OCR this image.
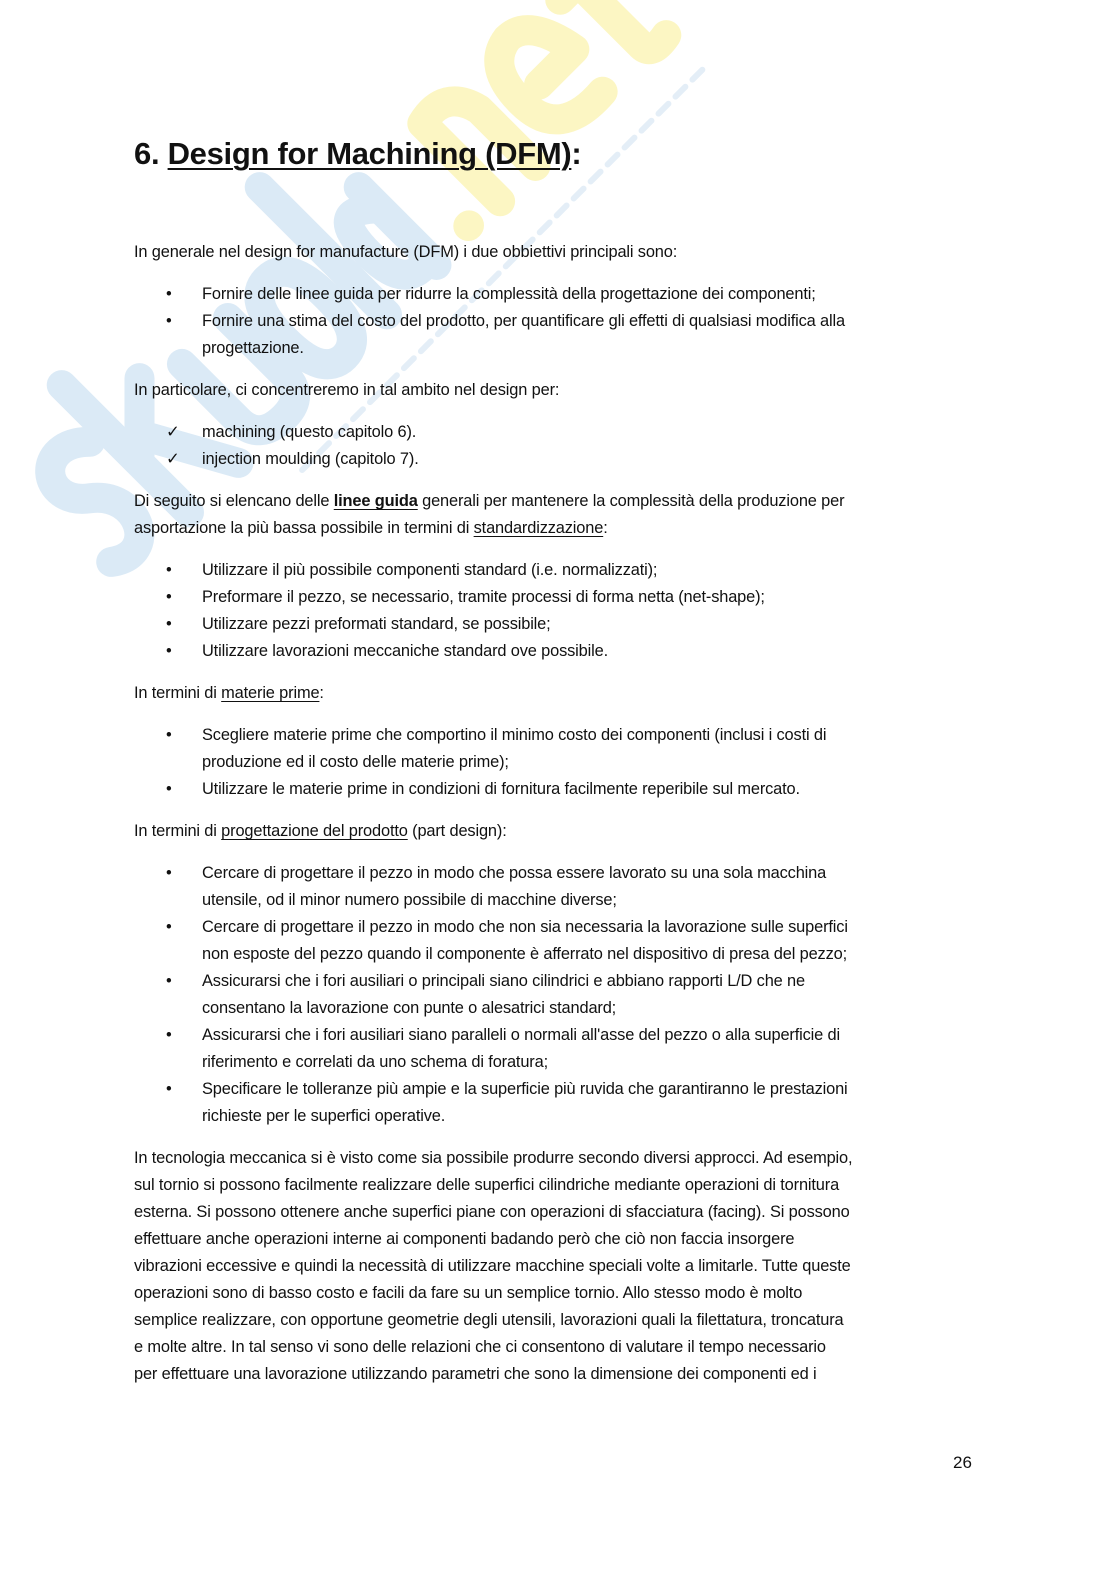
6. Design for Machining (DFM):
In generale nel design for manufacture (DFM) i due obbiettivi principali sono:
• Fornire delle linee guida per ridurre la complessità della progettazione dei componenti;
• Fornire una stima del costo del prodotto, per quantificare gli effetti di qualsiasi modifica alla
progettazione.
In particolare, ci concentreremo in tal ambito nel design per:
✓ machining (questo capitolo 6).
✓ injection moulding (capitolo 7).
Di seguito si elencano delle linee guida generali per mantenere la complessità della produzione per
asportazione la più bassa possibile in termini di standardizzazione:
• Utilizzare il più possibile componenti standard (i.e. normalizzati);
• Preformare il pezzo, se necessario, tramite processi di forma netta (net-shape);
• Utilizzare pezzi preformati standard, se possibile;
• Utilizzare lavorazioni meccaniche standard ove possibile.
In termini di materie prime:
• Scegliere materie prime che comportino il minimo costo dei componenti (inclusi i costi di
produzione ed il costo delle materie prime);
• Utilizzare le materie prime in condizioni di fornitura facilmente reperibile sul mercato.
In termini di progettazione del prodotto (part design):
• Cercare di progettare il pezzo in modo che possa essere lavorato su una sola macchina
utensile, od il minor numero possibile di macchine diverse;
• Cercare di progettare il pezzo in modo che non sia necessaria la lavorazione sulle superfici
non esposte del pezzo quando il componente è afferrato nel dispositivo di presa del pezzo;
• Assicurarsi che i fori ausiliari o principali siano cilindrici e abbiano rapporti L/D che ne
consentano la lavorazione con punte o alesatrici standard;
• Assicurarsi che i fori ausiliari siano paralleli o normali all'asse del pezzo o alla superficie di
riferimento e correlati da uno schema di foratura;
• Specificare le tolleranze più ampie e la superficie più ruvida che garantiranno le prestazioni
richieste per le superfici operative.
In tecnologia meccanica si è visto come sia possibile produrre secondo diversi approcci. Ad esempio,
sul tornio si possono facilmente realizzare delle superfici cilindriche mediante operazioni di tornitura
esterna. Si possono ottenere anche superfici piane con operazioni di sfacciatura (facing). Si possono
effettuare anche operazioni interne ai componenti badando però che ciò non faccia insorgere
vibrazioni eccessive e quindi la necessità di utilizzare macchine speciali volte a limitarle. Tutte queste
operazioni sono di basso costo e facili da fare su un semplice tornio. Allo stesso modo è molto
semplice realizzare, con opportune geometrie degli utensili, lavorazioni quali la filettatura, troncatura
e molte altre. In tal senso vi sono delle relazioni che ci consentono di valutare il tempo necessario
per effettuare una lavorazione utilizzando parametri che sono la dimensione dei componenti ed i
26
